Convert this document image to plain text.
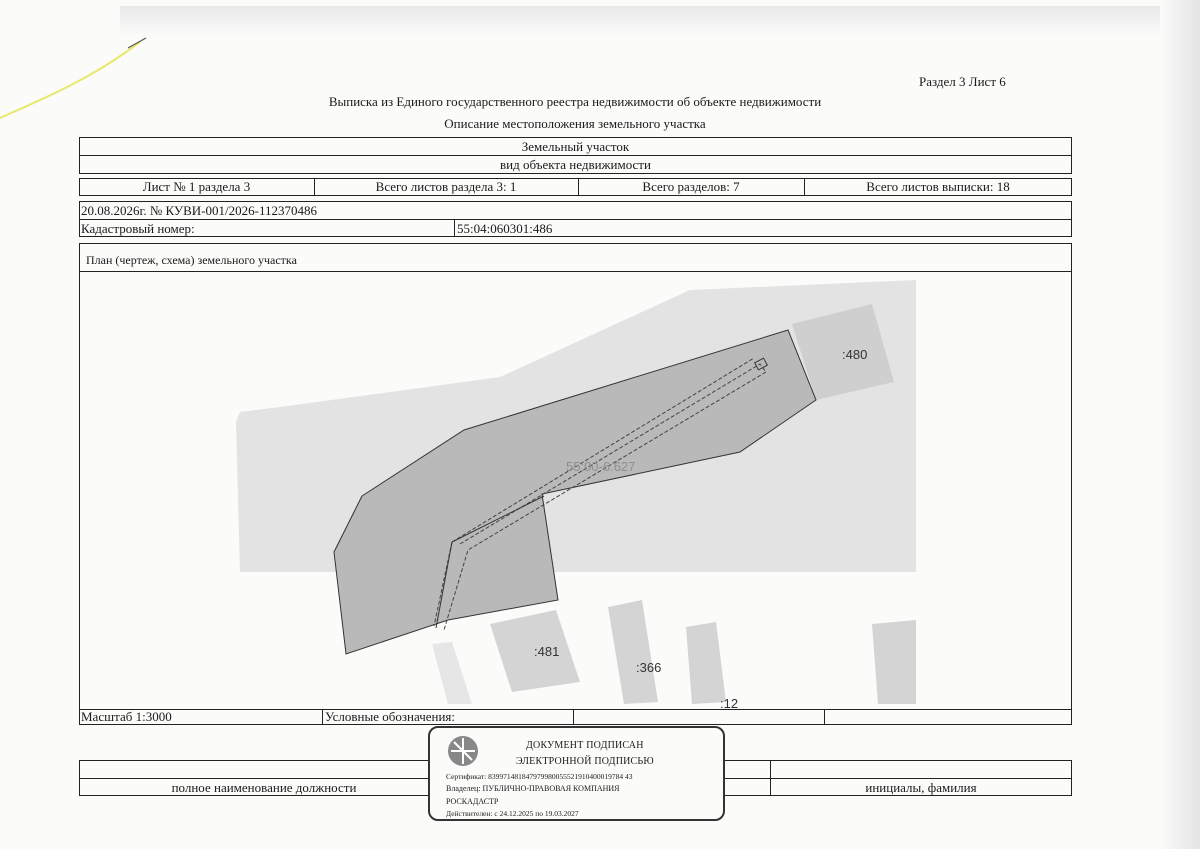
Раздел 3 Лист 6
Выписка из Единого государственного реестра недвижимости об объекте недвижимости
Описание местоположения земельного участка
Земельный участок
вид объекта недвижимости
Лист № 1 раздела 3	Всего листов раздела 3: 1	Всего разделов: 7	Всего листов выписки: 18
20.08.2026г. № КУВИ-001/2026-112370486
Кадастровый номер:	55:04:060301:486
План (чертеж, схема) земельного участка
55:00-6.627
:480
:481
:366
:12
Масштаб 1:3000	Условные обозначения:
полное наименование должности	инициалы, фамилия
ДОКУМЕНТ ПОДПИСАН
ЭЛЕКТРОННОЙ ПОДПИСЬЮ
Сертификат: 839971481847979980055521910400019784 43
Владелец: ПУБЛИЧНО-ПРАВОВАЯ КОМПАНИЯ
РОСКАДАСТР
Действителен: с 24.12.2025 по 19.03.2027
